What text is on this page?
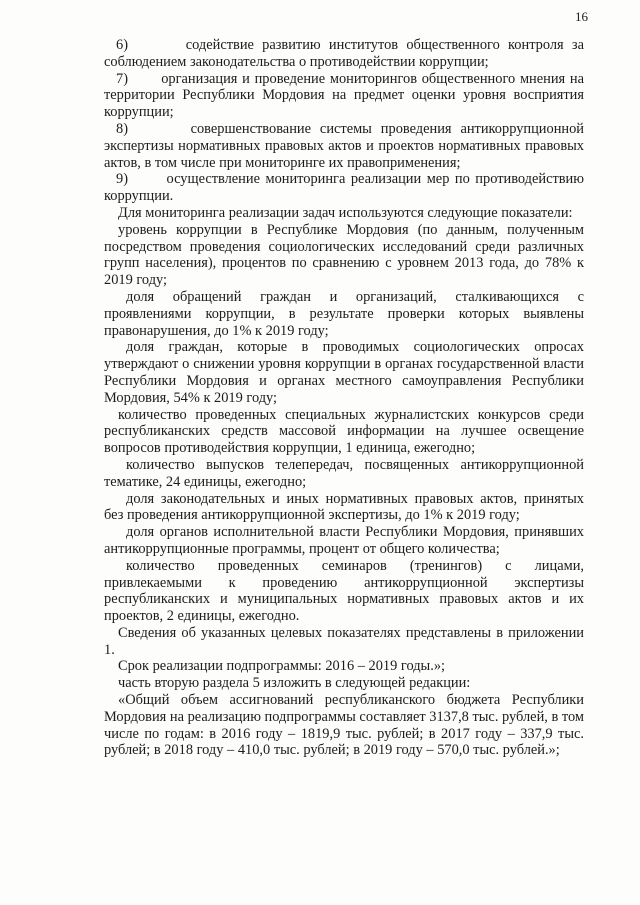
16

6)       содействие развитию институтов общественного контроля за соблюдением законодательства о противодействии коррупции;

7)       организация и проведение мониторингов общественного мнения на территории Республики Мордовия на предмет оценки уровня восприятия коррупции;

8)       совершенствование системы проведения антикоррупционной экспертизы нормативных правовых актов и проектов нормативных правовых актов, в том числе при мониторинге их правоприменения;

9)       осуществление мониторинга реализации мер по противодействию коррупции.

Для мониторинга реализации задач используются следующие показатели:

уровень коррупции в Республике Мордовия (по данным, полученным посредством проведения социологических исследований среди различных групп населения), процентов по сравнению с уровнем 2013 года, до 78% к 2019 году;

доля обращений граждан и организаций, сталкивающихся с проявлениями коррупции, в результате проверки которых выявлены правонарушения, до 1% к 2019 году;

доля граждан, которые в проводимых социологических опросах утверждают о снижении уровня коррупции в органах государственной власти Республики Мордовия и органах местного самоуправления Республики Мордовия, 54% к 2019 году;

количество проведенных специальных журналистских конкурсов среди республиканских средств массовой информации на лучшее освещение вопросов противодействия коррупции, 1 единица, ежегодно;

количество выпусков телепередач, посвященных антикоррупционной тематике, 24 единицы, ежегодно;

доля законодательных и иных нормативных правовых актов, принятых без проведения антикоррупционной экспертизы, до 1% к 2019 году;

доля органов исполнительной власти Республики Мордовия, принявших антикоррупционные программы, процент от общего количества;

количество проведенных семинаров (тренингов) с лицами, привлекаемыми к проведению антикоррупционной экспертизы республиканских и муниципальных нормативных правовых актов и их проектов, 2 единицы, ежегодно.

Сведения об указанных целевых показателях представлены в приложении 1.

Срок реализации подпрограммы: 2016 – 2019 годы.»;

часть вторую раздела 5 изложить в следующей редакции:

«Общий объем ассигнований республиканского бюджета Республики Мордовия на реализацию подпрограммы составляет 3137,8 тыс. рублей, в том числе по годам: в 2016 году – 1819,9 тыс. рублей; в 2017 году – 337,9 тыс. рублей; в 2018 году – 410,0 тыс. рублей; в 2019 году – 570,0 тыс. рублей.»;
